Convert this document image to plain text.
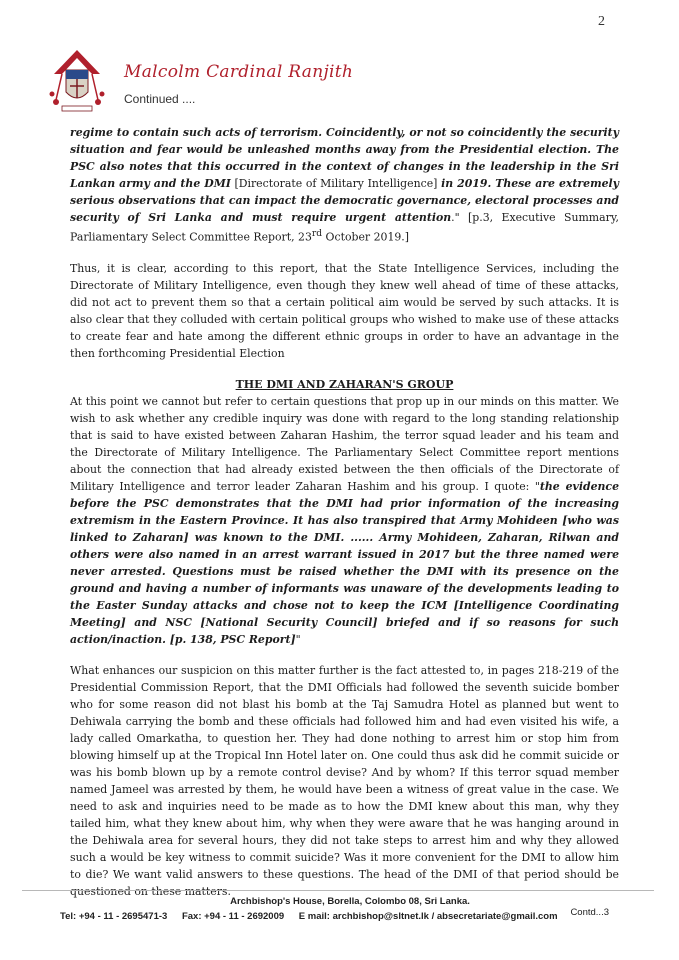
2
Malcolm Cardinal Ranjith
Continued ....

regime to contain such acts of terrorism. Coincidently, or not so coincidently the security situation and fear would be unleashed months away from the Presidential election. The PSC also notes that this occurred in the context of changes in the leadership in the Sri Lankan army and the DMI [Directorate of Military Intelligence] in 2019. These are extremely serious observations that can impact the democratic governance, electoral processes and security of Sri Lanka and must require urgent attention." [p.3, Executive Summary, Parliamentary Select Committee Report, 23rd October 2019.]

Thus, it is clear, according to this report, that the State Intelligence Services, including the Directorate of Military Intelligence, even though they knew well ahead of time of these attacks, did not act to prevent them so that a certain political aim would be served by such attacks. It is also clear that they colluded with certain political groups who wished to make use of these attacks to create fear and hate among the different ethnic groups in order to have an advantage in the then forthcoming Presidential Election

THE DMI AND ZAHARAN'S GROUP

At this point we cannot but refer to certain questions that prop up in our minds on this matter. We wish to ask whether any credible inquiry was done with regard to the long standing relationship that is said to have existed between Zaharan Hashim, the terror squad leader and his team and the Directorate of Military Intelligence. The Parliamentary Select Committee report mentions about the connection that had already existed between the then officials of the Directorate of Military Intelligence and terror leader Zaharan Hashim and his group. I quote: "the evidence before the PSC demonstrates that the DMI had prior information of the increasing extremism in the Eastern Province. It has also transpired that Army Mohideen [who was linked to Zaharan] was known to the DMI. ...... Army Mohideen, Zaharan, Rilwan and others were also named in an arrest warrant issued in 2017 but the three named were never arrested. Questions must be raised whether the DMI with its presence on the ground and having a number of informants was unaware of the developments leading to the Easter Sunday attacks and chose not to keep the ICM [Intelligence Coordinating Meeting] and NSC [National Security Council] briefed and if so reasons for such action/inaction. [p. 138, PSC Report]"

What enhances our suspicion on this matter further is the fact attested to, in pages 218-219 of the Presidential Commission Report, that the DMI Officials had followed the seventh suicide bomber who for some reason did not blast his bomb at the Taj Samudra Hotel as planned but went to Dehiwala carrying the bomb and these officials had followed him and had even visited his wife, a lady called Omarkatha, to question her. They had done nothing to arrest him or stop him from blowing himself up at the Tropical Inn Hotel later on. One could thus ask did he commit suicide or was his bomb blown up by a remote control devise? And by whom? If this terror squad member named Jameel was arrested by them, he would have been a witness of great value in the case. We need to ask and inquiries need to be made as to how the DMI knew about this man, why they tailed him, what they knew about him, why when they were aware that he was hanging around in the Dehiwala area for several hours, they did not take steps to arrest him and why they allowed such a would be key witness to commit suicide? Was it more convenient for the DMI to allow him to die? We want valid answers to these questions. The head of the DMI of that period should be questioned on these matters.

Archbishop's House, Borella, Colombo 08, Sri Lanka.
Tel: +94 - 11 - 2695471-3 Fax: +94 - 11 - 2692009 E mail: archbishop@sltnet.lk / absecretariate@gmail.com	Contd...3
